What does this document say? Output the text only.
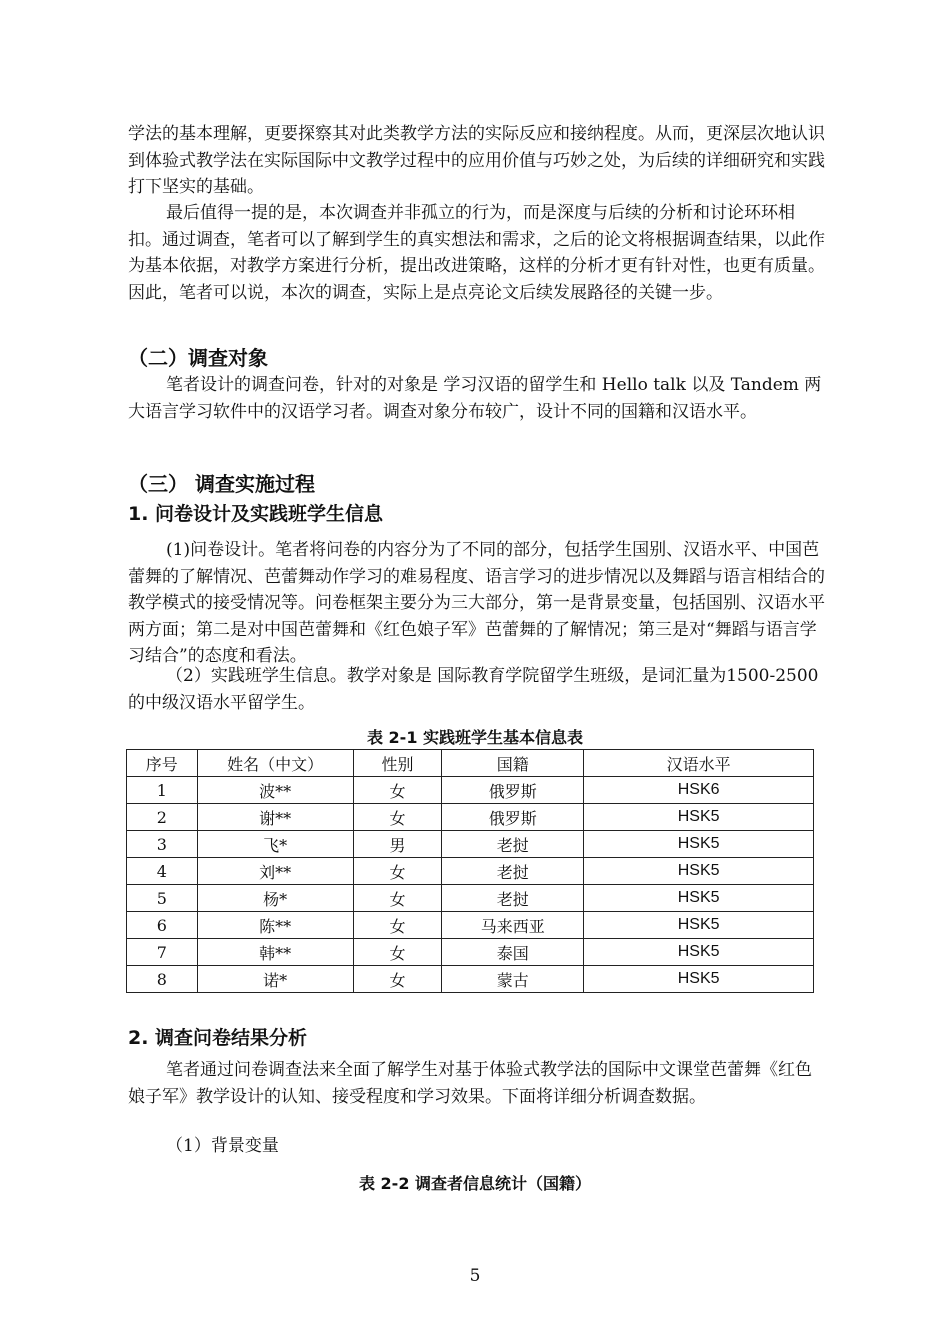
学法的基本理解，更要探察其对此类教学方法的实际反应和接纳程度。从而，更深层次地认识到体验式教学法在实际国际中文教学过程中的应用价值与巧妙之处，为后续的详细研究和实践打下坚实的基础。

最后值得一提的是，本次调查并非孤立的行为，而是深度与后续的分析和讨论环环相扣。通过调查，笔者可以了解到学生的真实想法和需求，之后的论文将根据调查结果，以此作为基本依据，对教学方案进行分析，提出改进策略，这样的分析才更有针对性，也更有质量。因此，笔者可以说，本次的调查，实际上是点亮论文后续发展路径的关键一步。

（二）调查对象

笔者设计的调查问卷，针对的对象是 学习汉语的留学生和 Hello talk 以及 Tandem 两大语言学习软件中的汉语学习者。调查对象分布较广，设计不同的国籍和汉语水平。

（三） 调查实施过程
1. 问卷设计及实践班学生信息

(1)问卷设计。笔者将问卷的内容分为了不同的部分，包括学生国别、汉语水平、中国芭蕾舞的了解情况、芭蕾舞动作学习的难易程度、语言学习的进步情况以及舞蹈与语言相结合的教学模式的接受情况等。问卷框架主要分为三大部分，第一是背景变量，包括国别、汉语水平两方面；第二是对中国芭蕾舞和《红色娘子军》芭蕾舞的了解情况；第三是对“舞蹈与语言学习结合”的态度和看法。

（2）实践班学生信息。教学对象是 国际教育学院留学生班级，是词汇量为1500-2500 的中级汉语水平留学生。

表 2-1 实践班学生基本信息表

序号	姓名（中文）	性别	国籍	汉语水平
1	波**	女	俄罗斯	HSK6
2	谢**	女	俄罗斯	HSK5
3	飞*	男	老挝	HSK5
4	刘**	女	老挝	HSK5
5	杨*	女	老挝	HSK5
6	陈**	女	马来西亚	HSK5
7	韩**	女	泰国	HSK5
8	诺*	女	蒙古	HSK5
2. 调查问卷结果分析

笔者通过问卷调查法来全面了解学生对基于体验式教学法的国际中文课堂芭蕾舞《红色娘子军》教学设计的认知、接受程度和学习效果。下面将详细分析调查数据。

（1）背景变量

表 2-2 调查者信息统计（国籍）

5
